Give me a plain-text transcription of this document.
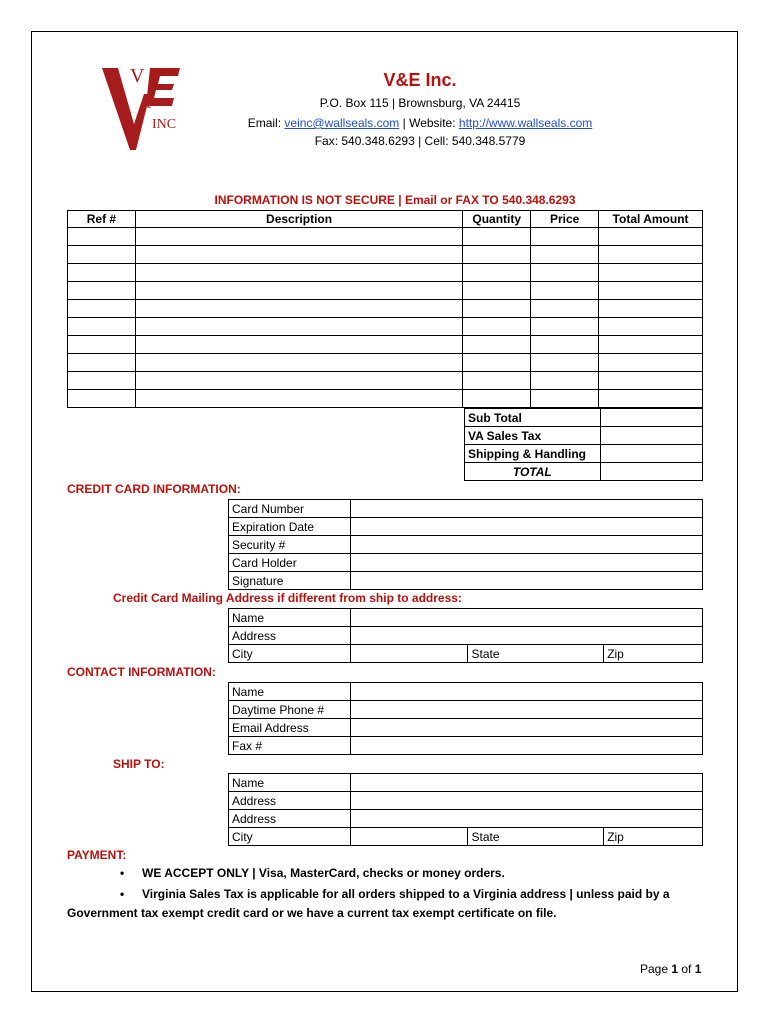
V
&
INC
V&E Inc.
P.O. Box 115 | Brownsburg, VA 24415
Email: veinc@wallseals.com | Website: http://www.wallseals.com
Fax: 540.348.6293 | Cell: 540.348.5779
INFORMATION IS NOT SECURE | Email or FAX TO 540.348.6293
Ref #	Description	Quantity	Price	Total Amount

Sub Total	
VA Sales Tax	
Shipping & Handling	
TOTAL	
CREDIT CARD INFORMATION:
Card Number	
Expiration Date	
Security #	
Card Holder	
Signature	
Credit Card Mailing Address if different from ship to address:
Name			
Address			
City		State	Zip
CONTACT INFORMATION:
Name	
Daytime Phone #	
Email Address	
Fax #	
SHIP TO:
Name			
Address			
Address			
City		State	Zip
PAYMENT:
• WE ACCEPT ONLY | Visa, MasterCard, checks or money orders.
• Virginia Sales Tax is applicable for all orders shipped to a Virginia address | unless paid by a
Government tax exempt credit card or we have a current tax exempt certificate on file.
Page 1 of 1
